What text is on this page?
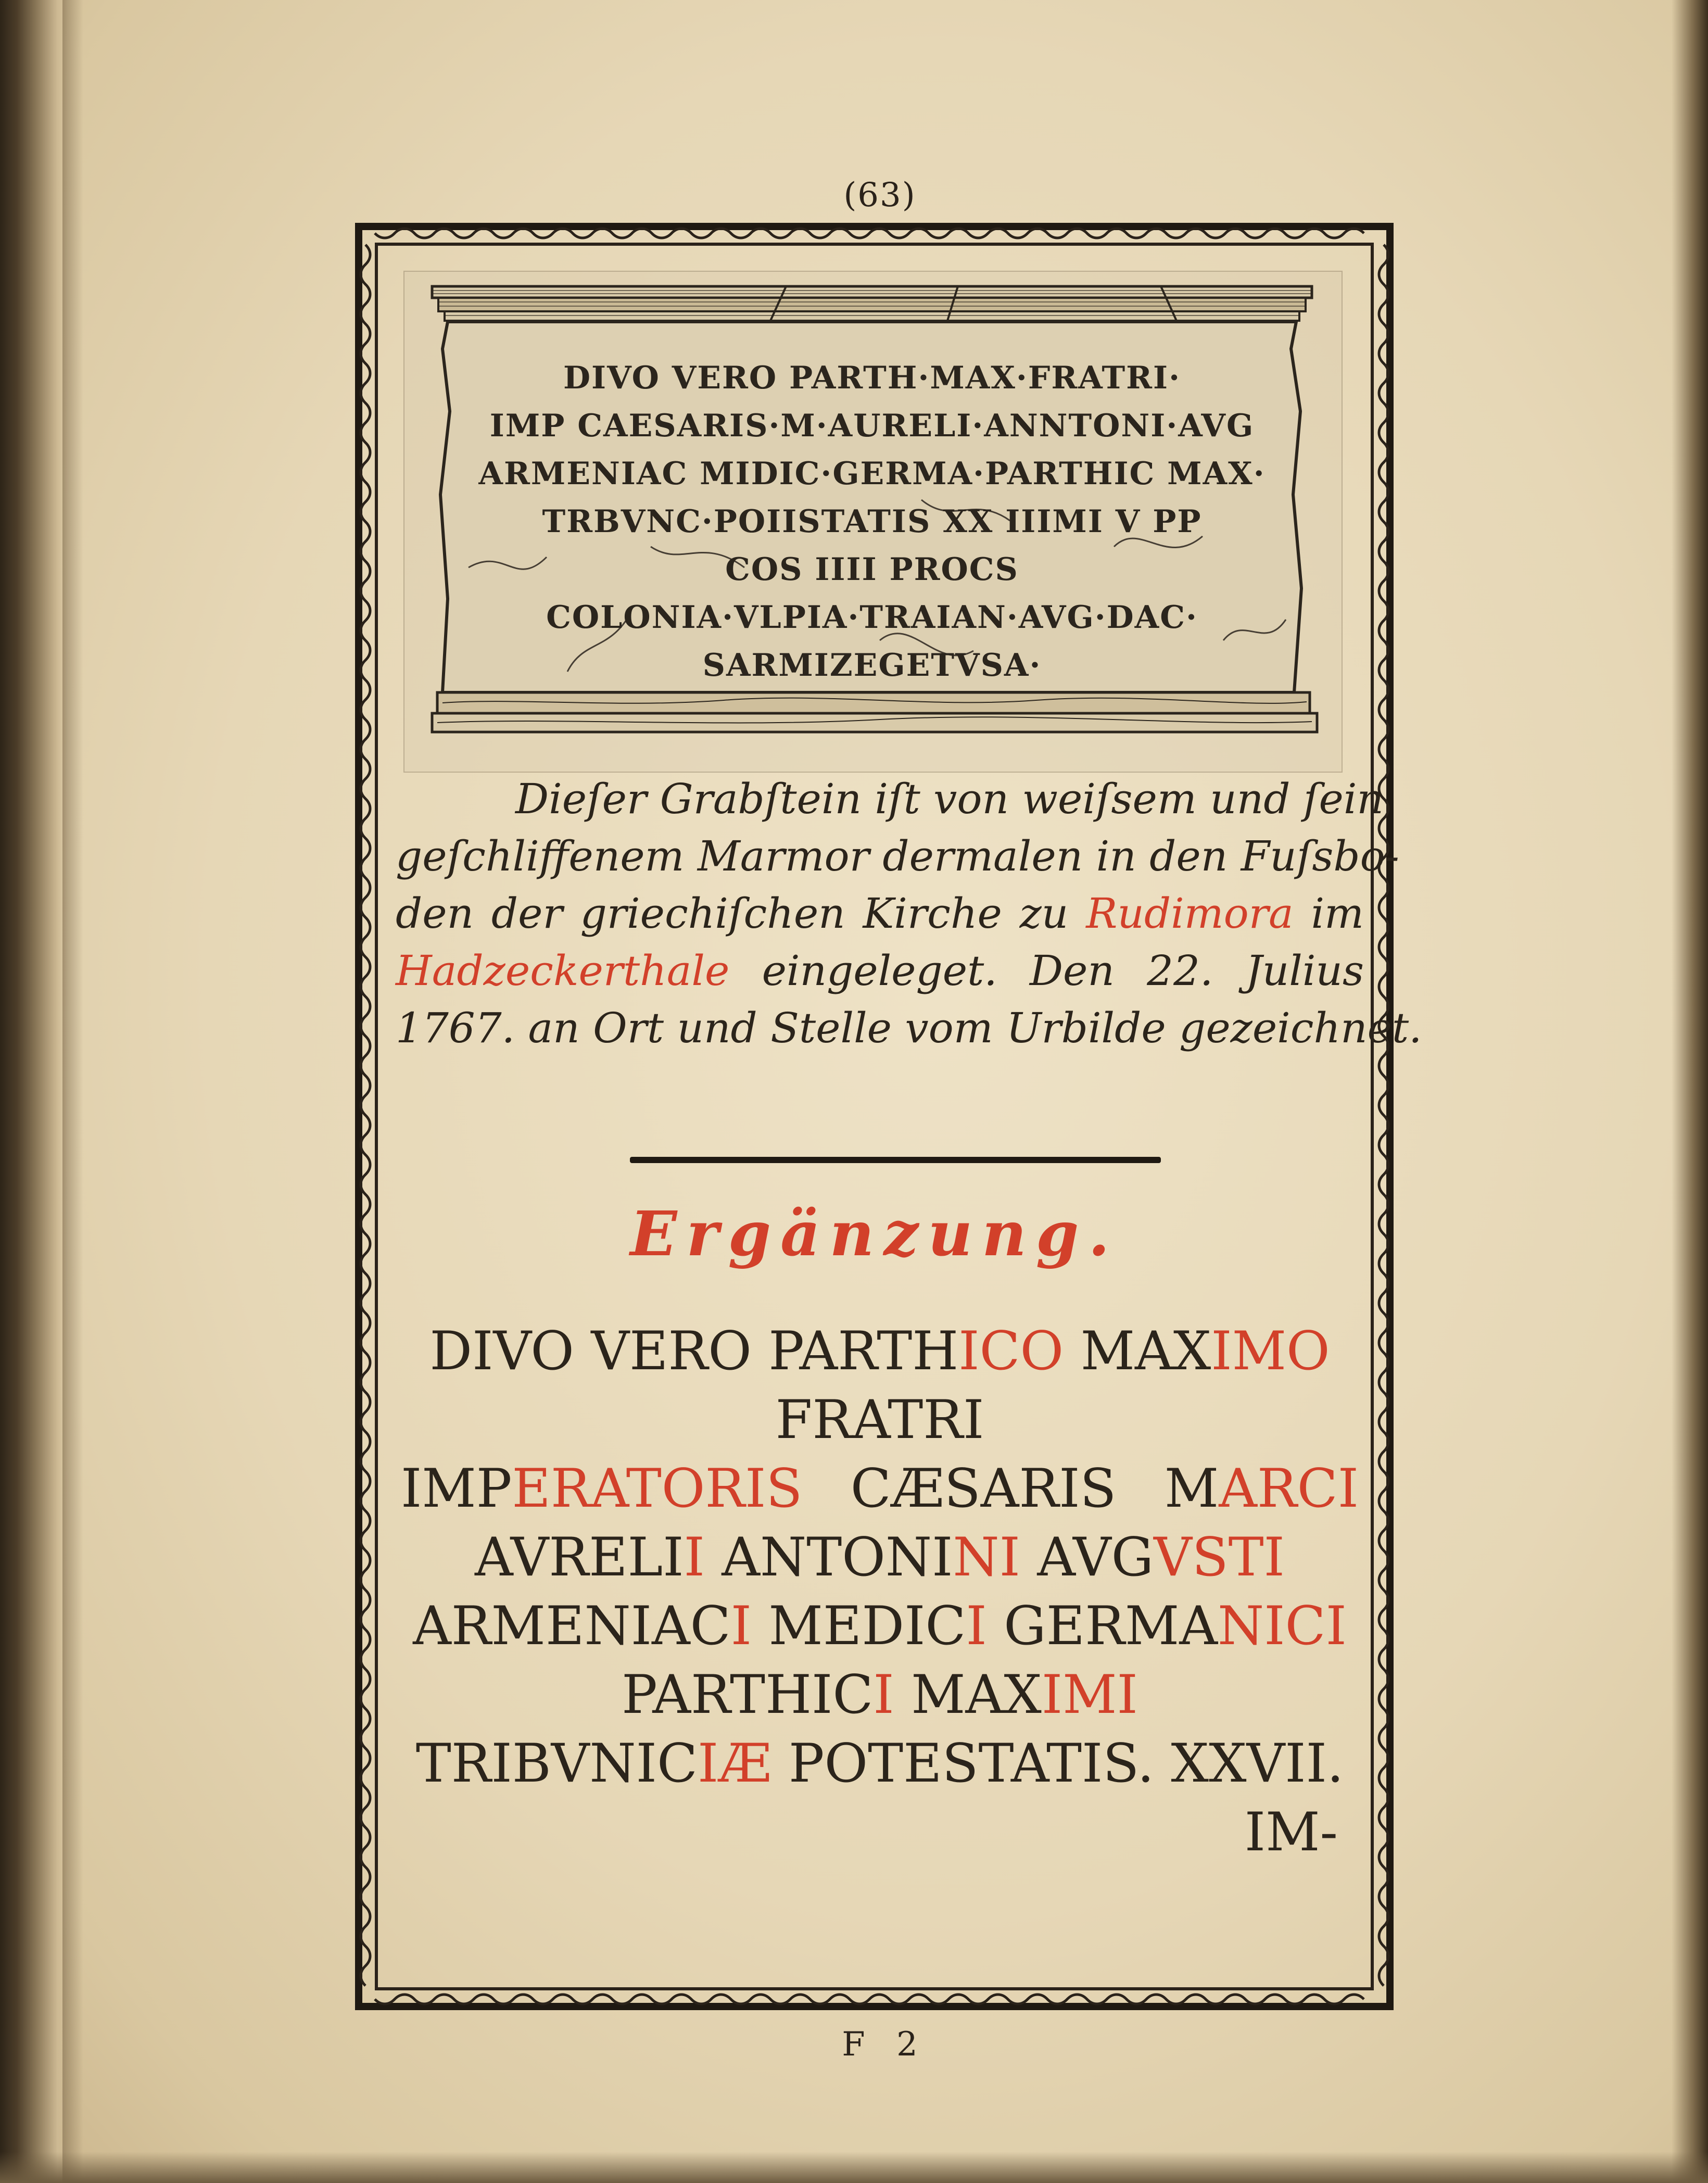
(63)
DIVO VERO PARTH·MAX·FRATRI·
IMP CAESARIS·M·AURELI·ANNTONI·AVG
ARMENIAC MIDIC·GERMA·PARTHIC MAX·
TRBVNC·POIISTATIS XX IIIMI V PP
COS IIII PROCS
COLONIA·VLPIA·TRAIAN·AVG·DAC·
SARMIZEGETVSA·
Dieſer Grabſtein iſt von weiſsem und ſein
geſchliffenem Marmor dermalen in den Fuſsbo-
den der griechiſchen Kirche zu Rudimora im
Hadzeckerthale eingeleget. Den 22. Julius
1767. an Ort und Stelle vom Urbilde gezeichnet.
Ergänzung.
DIVO VERO PARTHICO MAXIMO
FRATRI
IMPERATORIS CÆSARIS MARCI
AVRELII ANTONINI AVGVSTI
ARMENIACI MEDICI GERMANICI
PARTHICI MAXIMI
TRIBVNICIÆ POTESTATIS. XXVII.
IM-
F 2
